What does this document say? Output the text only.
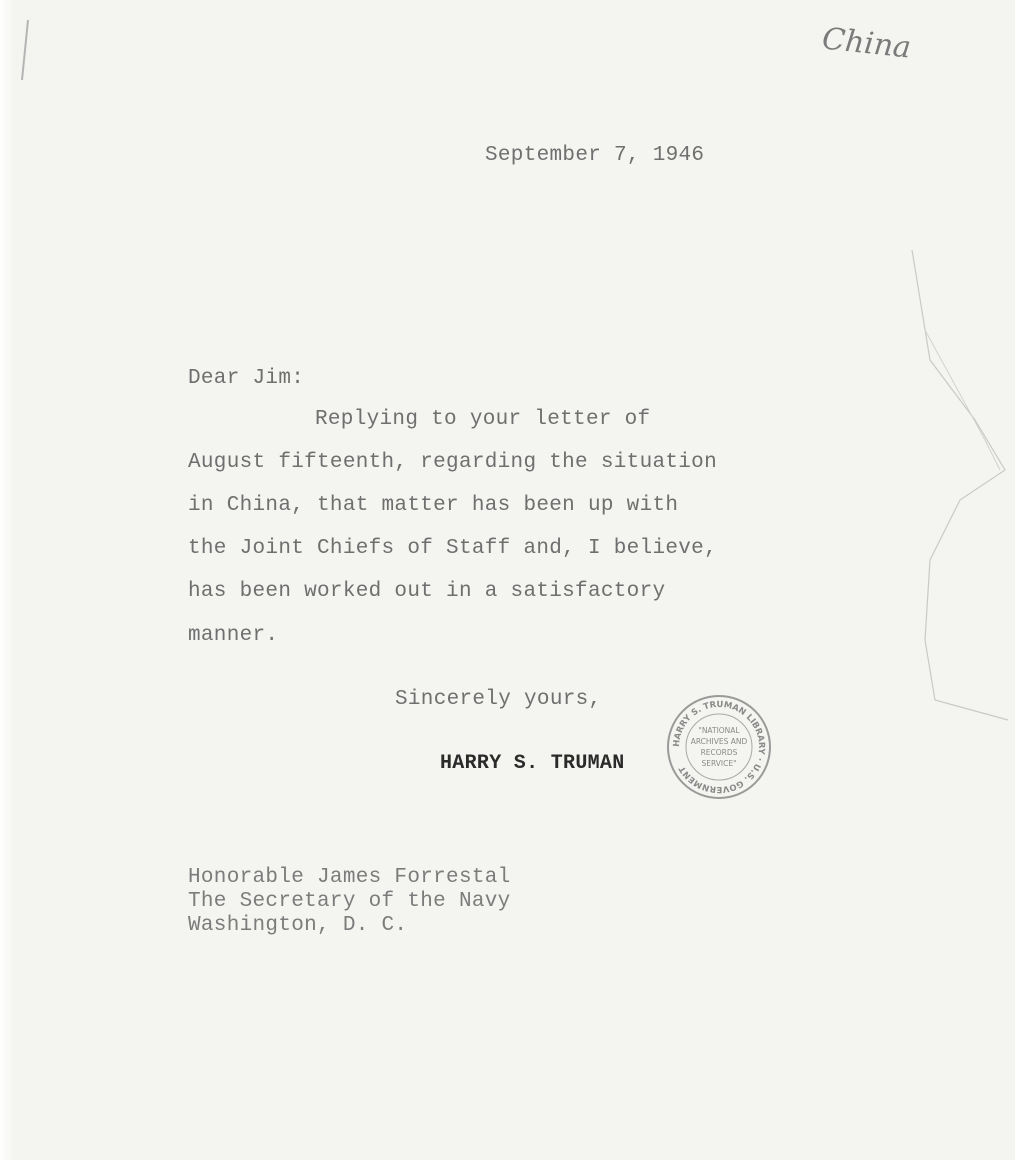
China
September 7, 1946
Dear Jim:
Replying to your letter of
August fifteenth, regarding the situation
in China, that matter has been up with
the Joint Chiefs of Staff and, I believe,
has been worked out in a satisfactory
manner.
Sincerely yours,
HARRY S. TRUMAN
Honorable James Forrestal
The Secretary of the Navy
Washington, D. C.
HARRY S. TRUMAN LIBRARY · U.S. GOVERNMENT
"NATIONAL
ARCHIVES AND
RECORDS
SERVICE"
